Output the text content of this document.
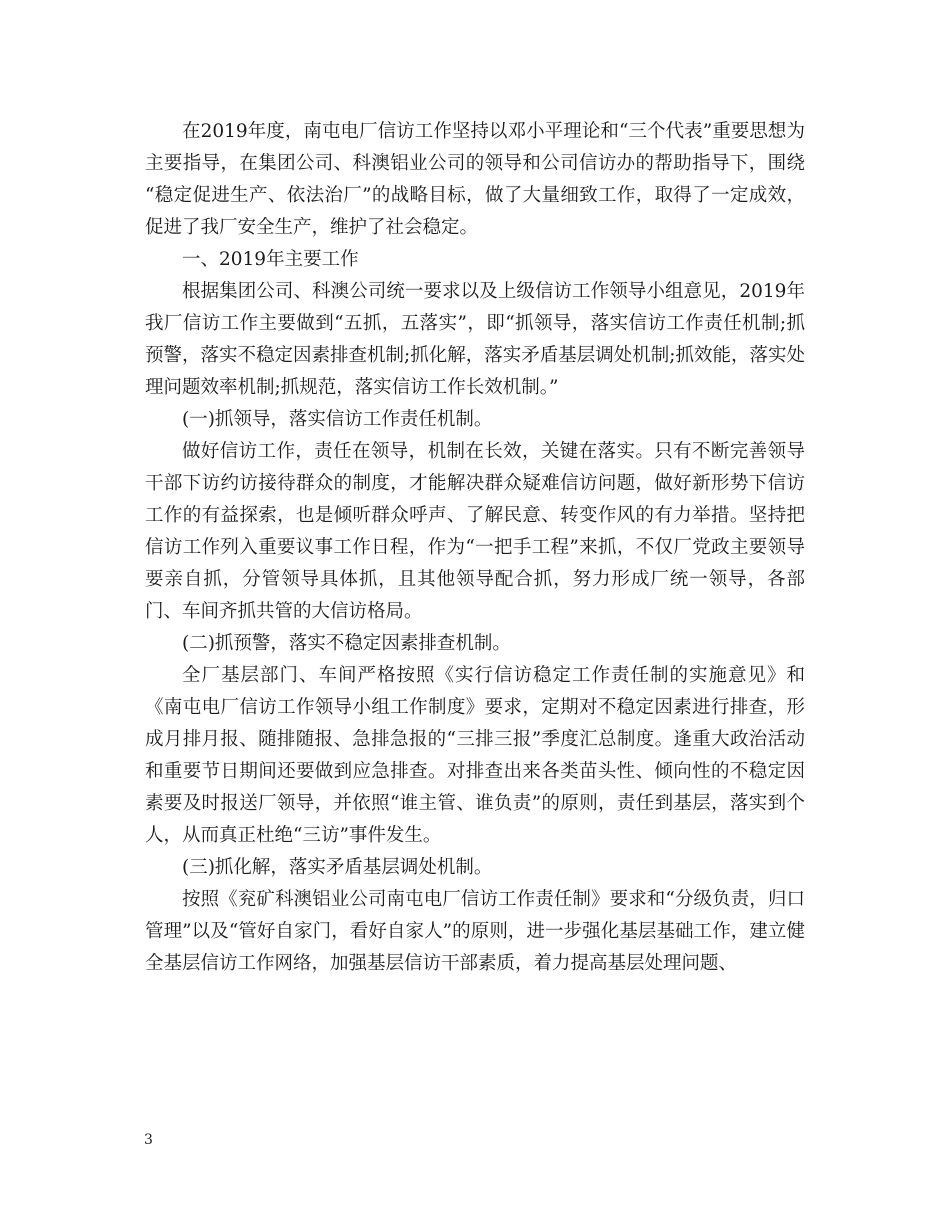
在2019年度，南屯电厂信访工作坚持以邓小平理论和“三个代表”重要思想为主要指导，在集团公司、科澳铝业公司的领导和公司信访办的帮助指导下，围绕 “稳定促进生产、依法治厂”的战略目标，做了大量细致工作，取得了一定成效，促进了我厂安全生产，维护了社会稳定。

一、2019年主要工作

根据集团公司、科澳公司统一要求以及上级信访工作领导小组意见，2019年我厂信访工作主要做到“五抓，五落实”，即“抓领导，落实信访工作责任机制;抓预警，落实不稳定因素排查机制;抓化解，落实矛盾基层调处机制;抓效能，落实处理问题效率机制;抓规范，落实信访工作长效机制。”

(一)抓领导，落实信访工作责任机制。

做好信访工作，责任在领导，机制在长效，关键在落实。只有不断完善领导干部下访约访接待群众的制度，才能解决群众疑难信访问题，做好新形势下信访工作的有益探索，也是倾听群众呼声、了解民意、转变作风的有力举措。坚持把信访工作列入重要议事工作日程，作为“一把手工程”来抓，不仅厂党政主要领导要亲自抓，分管领导具体抓，且其他领导配合抓，努力形成厂统一领导，各部门、车间齐抓共管的大信访格局。

(二)抓预警，落实不稳定因素排查机制。

全厂基层部门、车间严格按照《实行信访稳定工作责任制的实施意见》和《南屯电厂信访工作领导小组工作制度》要求，定期对不稳定因素进行排查，形成月排月报、随排随报、急排急报的“三排三报”季度汇总制度。逢重大政治活动和重要节日期间还要做到应急排查。对排查出来各类苗头性、倾向性的不稳定因素要及时报送厂领导，并依照“谁主管、谁负责”的原则，责任到基层，落实到个人，从而真正杜绝“三访”事件发生。

(三)抓化解，落实矛盾基层调处机制。

按照《兖矿科澳铝业公司南屯电厂信访工作责任制》要求和“分级负责，归口管理”以及“管好自家门，看好自家人”的原则，进一步强化基层基础工作，建立健全基层信访工作网络，加强基层信访干部素质，着力提高基层处理问题、

3
